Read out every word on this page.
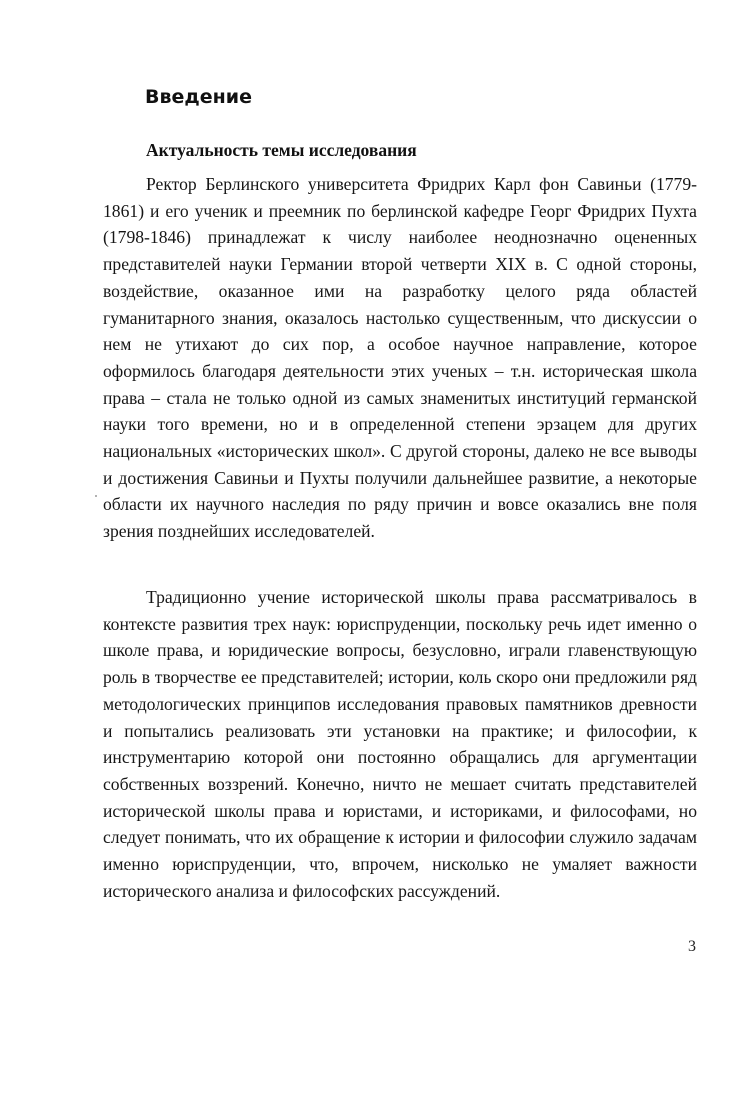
Введение
Актуальность темы исследования

Ректор Берлинского университета Фридрих Карл фон Савиньи (1779-1861) и его ученик и преемник по берлинской кафедре Георг Фридрих Пухта (1798-1846) принадлежат к числу наиболее неоднозначно оцененных представителей науки Германии второй четверти XIX в. С одной стороны, воздействие, оказанное ими на разработку целого ряда областей гуманитарного знания, оказалось настолько существенным, что дискуссии о нем не утихают до сих пор, а особое научное направление, которое оформилось благодаря деятельности этих ученых – т.н. историческая школа права – стала не только одной из самых знаменитых институций германской науки того времени, но и в определенной степени эрзацем для других национальных «исторических школ». С другой стороны, далеко не все выводы и достижения Савиньи и Пухты получили дальнейшее развитие, а некоторые области их научного наследия по ряду причин и вовсе оказались вне поля зрения позднейших исследователей.

Традиционно учение исторической школы права рассматривалось в контексте развития трех наук: юриспруденции, поскольку речь идет именно о школе права, и юридические вопросы, безусловно, играли главенствующую роль в творчестве ее представителей; истории, коль скоро они предложили ряд методологических принципов исследования правовых памятников древности и попытались реализовать эти установки на практике; и философии, к инструментарию которой они постоянно обращались для аргументации собственных воззрений. Конечно, ничто не мешает считать представителей исторической школы права и юристами, и историками, и философами, но следует понимать, что их обращение к истории и философии служило задачам именно юриспруденции, что, впрочем, нисколько не умаляет важности исторического анализа и философских рассуждений.

3
